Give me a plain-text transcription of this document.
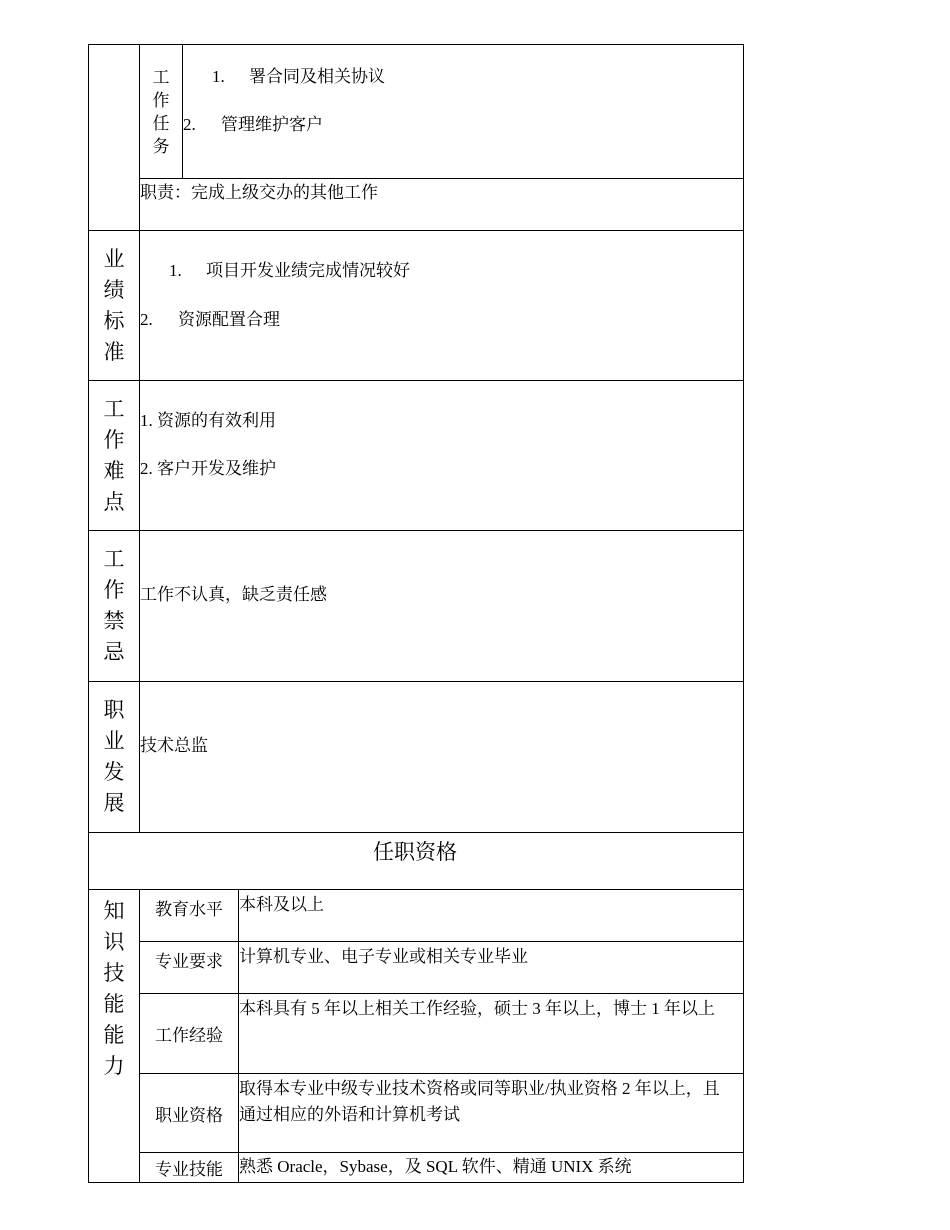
工
作
任
务
1. 署合同及相关协议
2. 管理维护客户
职责：完成上级交办的其他工作
业
绩
标
准
1. 项目开发业绩完成情况较好
2. 资源配置合理
工
作
难
点
1. 资源的有效利用
2. 客户开发及维护
工
作
禁
忌
工作不认真，缺乏责任感
职
业
发
展
技术总监
任职资格
知
识
技
能
能
力
教育水平 本科及以上
专业要求 计算机专业、电子专业或相关专业毕业
工作经验
本科具有 5 年以上相关工作经验，硕士 3 年以上，博士 1 年以上
职业资格
取得本专业中级专业技术资格或同等职业/执业资格 2 年以上，且通过相应的外语和计算机考试
专业技能 熟悉 Oracle，Sybase，及 SQL 软件、精通 UNIX 系统
